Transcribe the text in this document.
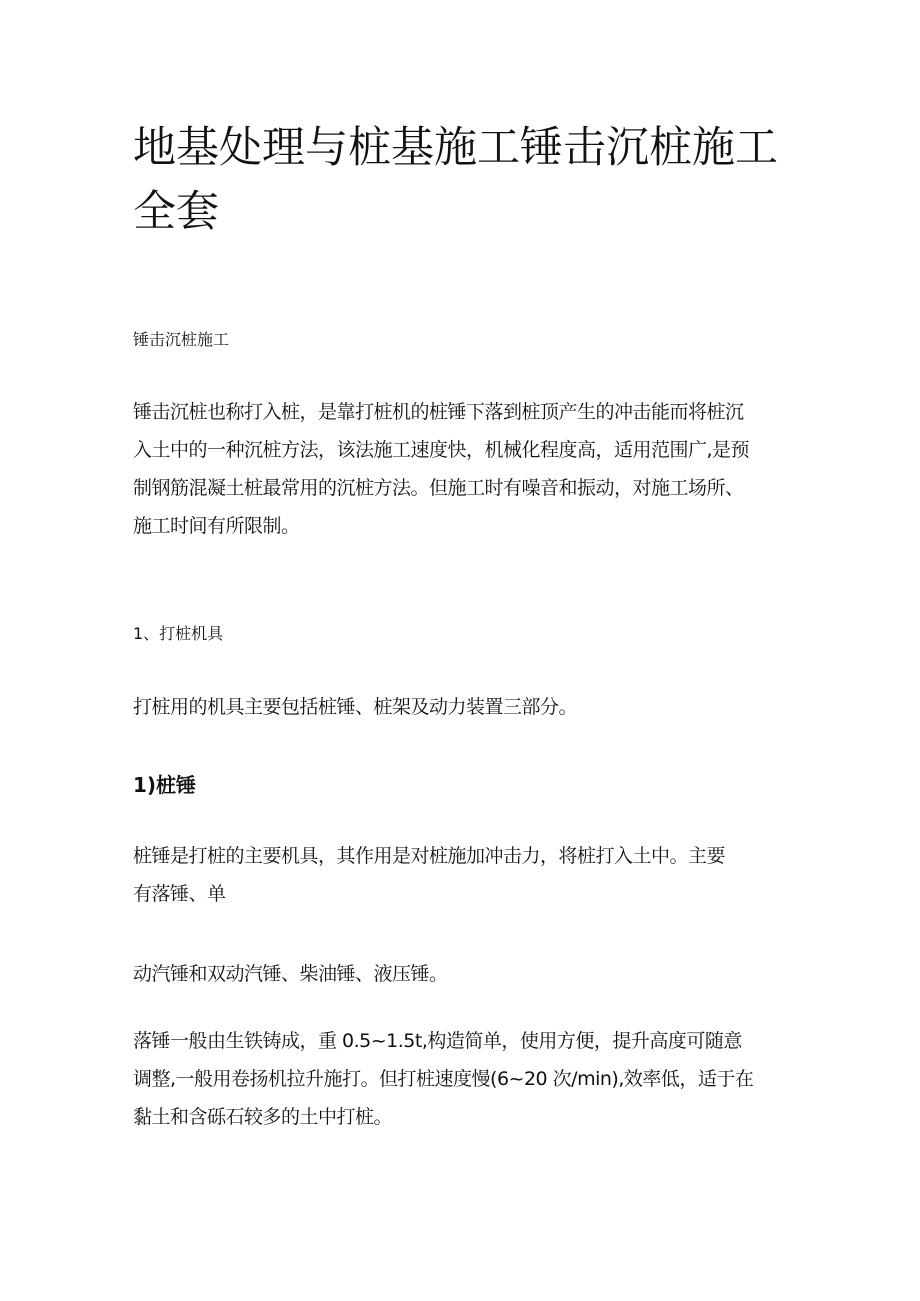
地基处理与桩基施工锤击沉桩施工
全套

锤击沉桩施工

锤击沉桩也称打入桩，是靠打桩机的桩锤下落到桩顶产生的冲击能而将桩沉
入土中的一种沉桩方法，该法施工速度快，机械化程度高，适用范围广,是预
制钢筋混凝土桩最常用的沉桩方法。但施工时有噪音和振动，对施工场所、
施工时间有所限制。

1、打桩机具

打桩用的机具主要包括桩锤、桩架及动力装置三部分。

1)桩锤

桩锤是打桩的主要机具，其作用是对桩施加冲击力，将桩打入土中。主要
有落锤、单

动汽锤和双动汽锤、柴油锤、液压锤。

落锤一般由生铁铸成，重 0.5~1.5t,构造简单，使用方便，提升高度可随意
调整,一般用卷扬机拉升施打。但打桩速度慢(6~20 次/min),效率低，适于在
黏土和含砾石较多的土中打桩。
